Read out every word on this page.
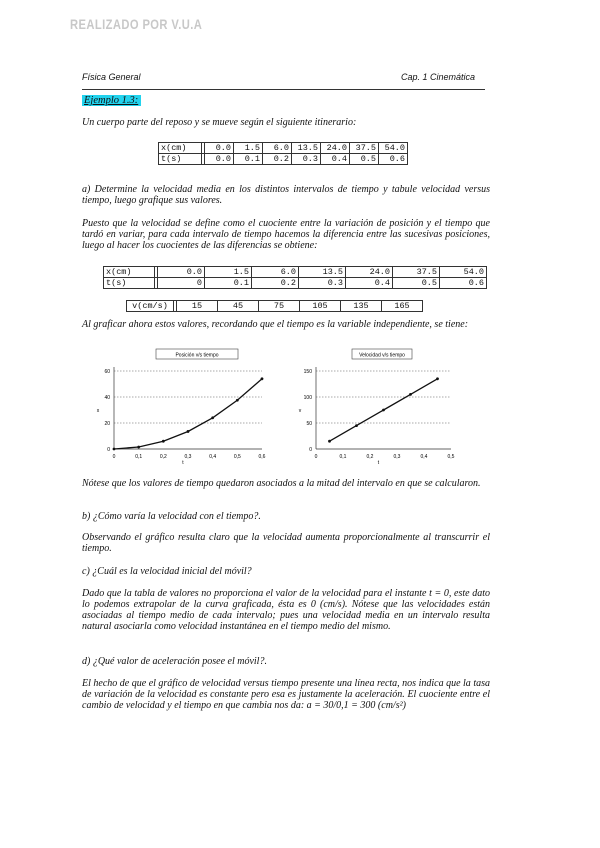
REALIZADO POR V.U.A
Física General	Cap. 1 Cinemática
Ejemplo 1.3:

Un cuerpo parte del reposo y se mueve según el siguiente itinerario:

x(cm)		0.0	1.5	6.0	13.5	24.0	37.5	54.0
t(s)		0.0	0.1	0.2	0.3	0.4	0.5	0.6

a) Determine la velocidad media en los distintos intervalos de tiempo y tabule velocidad versus tiempo, luego grafique sus valores.

Puesto que la velocidad se define como el cuociente entre la variación de posición y el tiempo que tardó en variar, para cada intervalo de tiempo hacemos la diferencia entre las sucesivas posiciones, luego al hacer los cuocientes de las diferencias se obtiene:

x(cm)		0.0	1.5	6.0	13.5	24.0	37.5	54.0
t(s)		0	0.1	0.2	0.3	0.4	0.5	0.6
v(cm/s)		15	45	75	105	135	165

Al graficar ahora estos valores, recordando que el tiempo es la variable independiente, se tiene:

Posición v/s tiempo
0
20
40
60
0	0,1	0,2	0,3	0,4	0,5	0,6
t
x
Velocidad v/s tiempo
0
50
100
150
0	0,1	0,2	0,3	0,4	0,5
t
v

Nótese que los valores de tiempo quedaron asociados a la mitad del intervalo en que se calcularon.

b) ¿Cómo varía la velocidad con el tiempo?.

Observando el gráfico resulta claro que la velocidad aumenta proporcionalmente al transcurrir el tiempo.

c) ¿Cuál es la velocidad inicial del móvil?

Dado que la tabla de valores no proporciona el valor de la velocidad para el instante t = 0, este dato lo podemos extrapolar de la curva graficada, ésta es 0 (cm/s). Nótese que las velocidades están asociadas al tiempo medio de cada intervalo; pues una velocidad media en un intervalo resulta natural asociarla como velocidad instantánea en el tiempo medio del mismo.

d) ¿Qué valor de aceleración posee el móvil?.

El hecho de que el gráfico de velocidad versus tiempo presente una línea recta, nos indica que la tasa de variación de la velocidad es constante pero esa es justamente la aceleración. El cuociente entre el cambio de velocidad y el tiempo en que cambia nos da: a = 30/0,1 = 300 (cm/s²)
